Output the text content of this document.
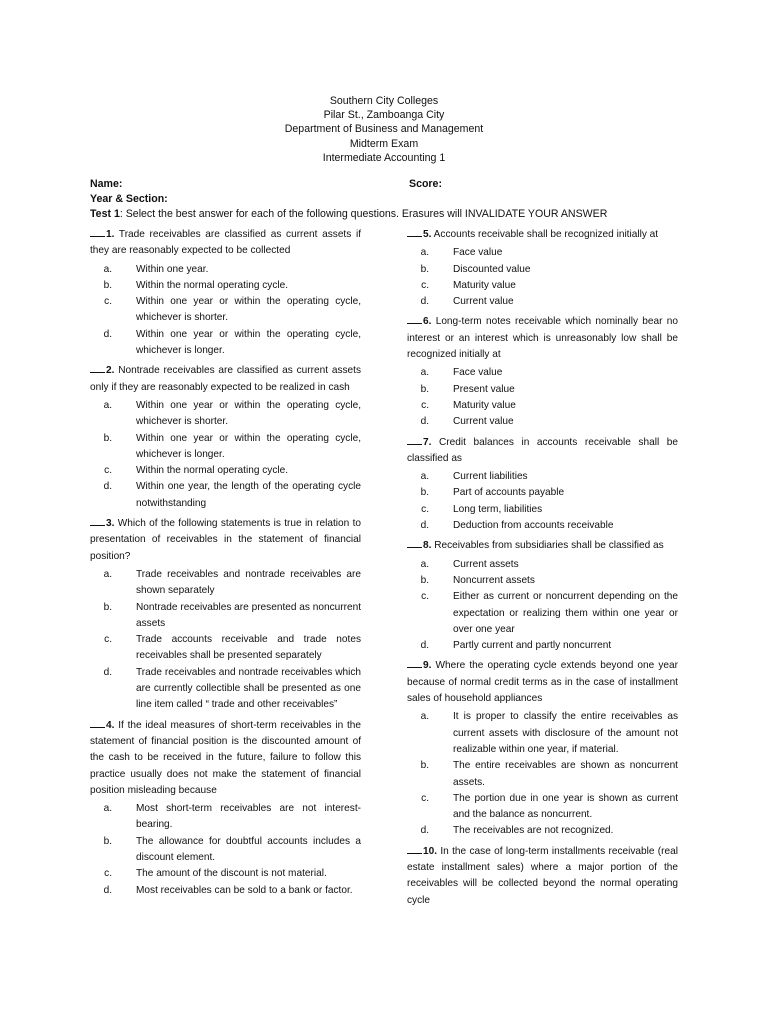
Southern City Colleges
Pilar St., Zamboanga City
Department of Business and Management
Midterm Exam
Intermediate Accounting 1
Name:	Score:
Year & Section:
Test 1: Select the best answer for each of the following questions. Erasures will INVALIDATE YOUR ANSWER
1. Trade receivables are classified as current assets if they are reasonably expected to be collected
a.	Within one year.
b.	Within the normal operating cycle.
c.	Within one year or within the operating cycle, whichever is shorter.
d.	Within one year or within the operating cycle, whichever is longer.
2. Nontrade receivables are classified as current assets only if they are reasonably expected to be realized in cash
a.	Within one year or within the operating cycle, whichever is shorter.
b.	Within one year or within the operating cycle, whichever is longer.
c.	Within the normal operating cycle.
d.	Within one year, the length of the operating cycle notwithstanding
3. Which of the following statements is true in relation to presentation of receivables in the statement of financial position?
a.	Trade receivables and nontrade receivables are shown separately
b.	Nontrade receivables are presented as noncurrent assets
c.	Trade accounts receivable and trade notes receivables shall be presented separately
d.	Trade receivables and nontrade receivables which are currently collectible shall be presented as one line item called “ trade and other receivables”
4. If the ideal measures of short-term receivables in the statement of financial position is the discounted amount of the cash to be received in the future, failure to follow this practice usually does not make the statement of financial position misleading because
a.	Most short-term receivables are not interest-bearing.
b.	The allowance for doubtful accounts includes a discount element.
c.	The amount of the discount is not material.
d.	Most receivables can be sold to a bank or factor.
5. Accounts receivable shall be recognized initially at
a.	Face value
b.	Discounted value
c.	Maturity value
d.	Current value
6. Long-term notes receivable which nominally bear no interest or an interest which is unreasonably low shall be recognized initially at
a.	Face value
b.	Present value
c.	Maturity value
d.	Current value
7. Credit balances in accounts receivable shall be classified as
a.	Current liabilities
b.	Part of accounts payable
c.	Long term, liabilities
d.	Deduction from accounts receivable
8. Receivables from subsidiaries shall be classified as
a.	Current assets
b.	Noncurrent assets
c.	Either as current or noncurrent depending on the expectation or realizing them within one year or over one year
d.	Partly current and partly noncurrent
9. Where the operating cycle extends beyond one year because of normal credit terms as in the case of installment sales of household appliances
a.	It is proper to classify the entire receivables as current assets with disclosure of the amount not realizable within one year, if material.
b.	The entire receivables are shown as noncurrent assets.
c.	The portion due in one year is shown as current and the balance as noncurrent.
d.	The receivables are not recognized.
10. In the case of long-term installments receivable (real estate installment sales) where a major portion of the receivables will be collected beyond the normal operating cycle
